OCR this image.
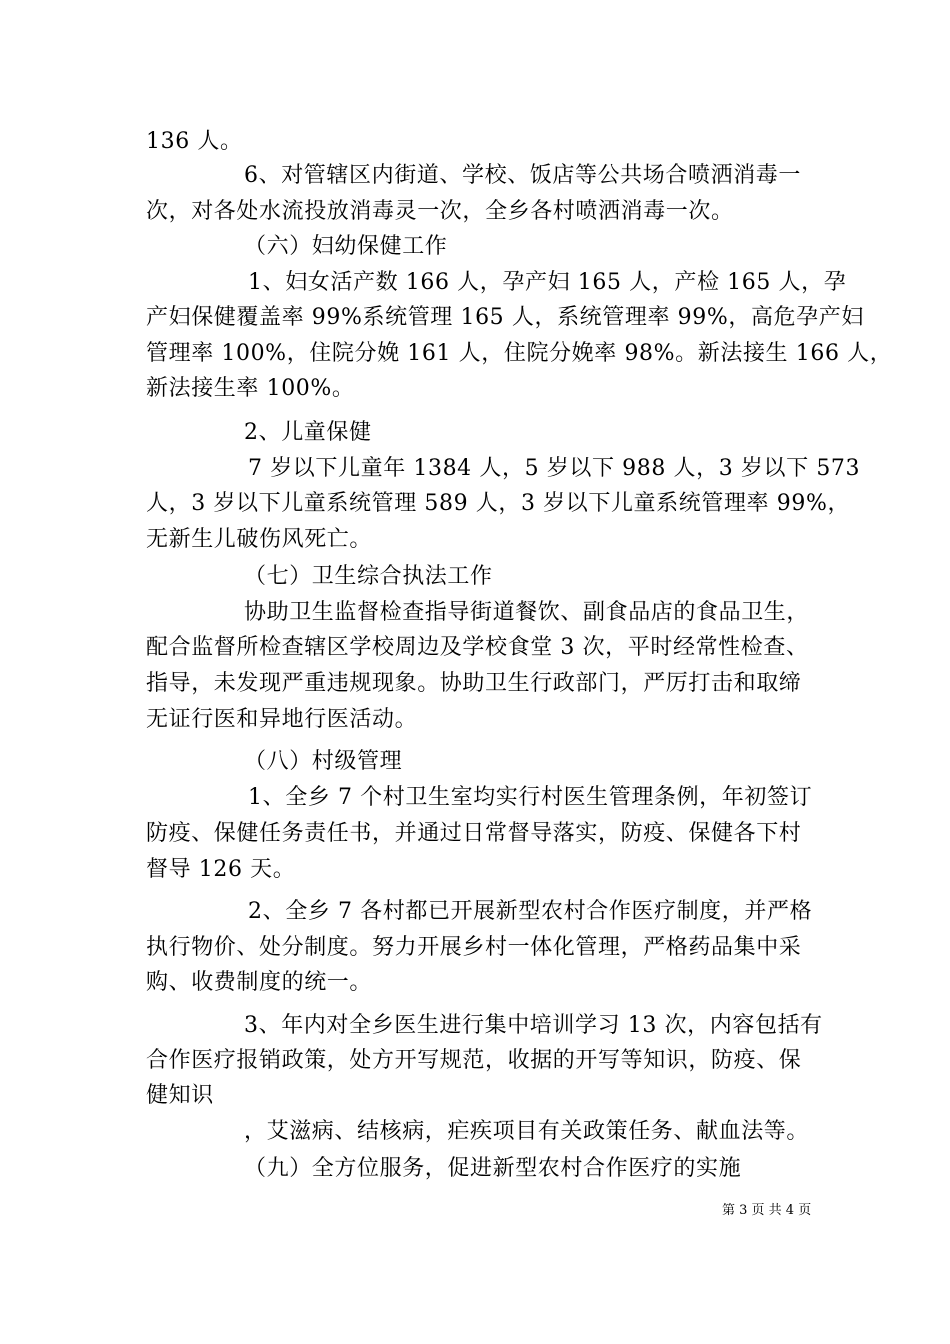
136 人。
6、对管辖区内街道、学校、饭店等公共场合喷洒消毒一
次，对各处水流投放消毒灵一次，全乡各村喷洒消毒一次。
（六）妇幼保健工作
1、妇女活产数 166 人，孕产妇 165 人，产检 165 人，孕
产妇保健覆盖率 99%系统管理 165 人，系统管理率 99%，高危孕产妇
管理率 100%，住院分娩 161 人，住院分娩率 98%。新法接生 166 人，
新法接生率 100%。
2、儿童保健
7 岁以下儿童年 1384 人，5 岁以下 988 人，3 岁以下 573
人，3 岁以下儿童系统管理 589 人，3 岁以下儿童系统管理率 99%，
无新生儿破伤风死亡。
（七）卫生综合执法工作
协助卫生监督检查指导街道餐饮、副食品店的食品卫生，
配合监督所检查辖区学校周边及学校食堂 3 次，平时经常性检查、
指导，未发现严重违规现象。协助卫生行政部门，严厉打击和取缔
无证行医和异地行医活动。
（八）村级管理
1、全乡 7 个村卫生室均实行村医生管理条例，年初签订
防疫、保健任务责任书，并通过日常督导落实，防疫、保健各下村
督导 126 天。
2、全乡 7 各村都已开展新型农村合作医疗制度，并严格
执行物价、处分制度。努力开展乡村一体化管理，严格药品集中采
购、收费制度的统一。
3、年内对全乡医生进行集中培训学习 13 次，内容包括有
合作医疗报销政策，处方开写规范，收据的开写等知识，防疫、保
健知识
，艾滋病、结核病，疟疾项目有关政策任务、献血法等。
（九）全方位服务，促进新型农村合作医疗的实施
第 3 页 共 4 页
